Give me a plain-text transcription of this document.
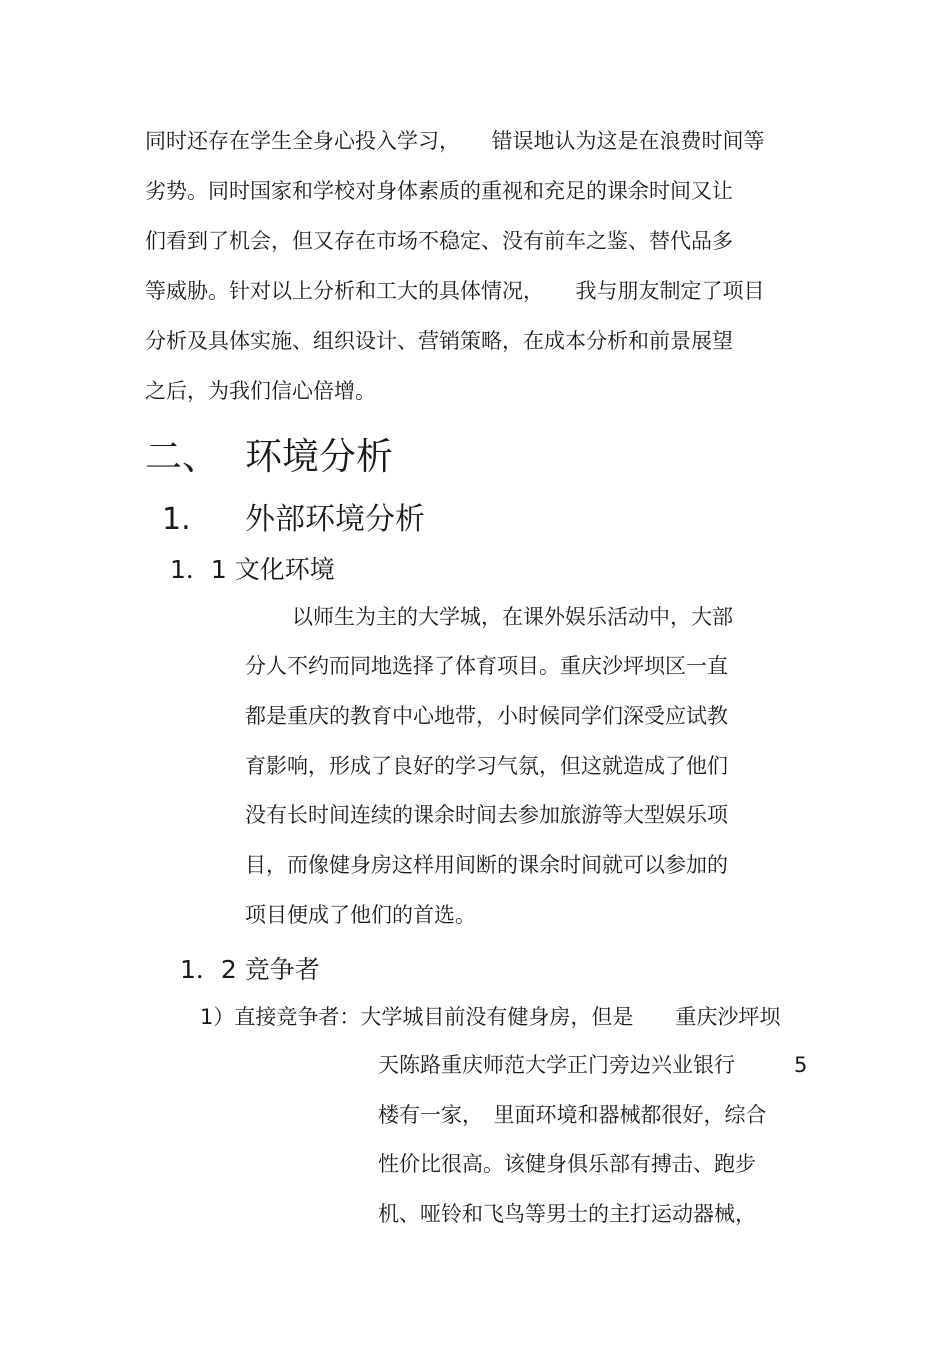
同时还存在学生全身心投入学习，　　错误地认为这是在浪费时间等
劣势。同时国家和学校对身体素质的重视和充足的课余时间又让
们看到了机会，但又存在市场不稳定、没有前车之鉴、替代品多
等威胁。针对以上分析和工大的具体情况，　　我与朋友制定了项目
分析及具体实施、组织设计、营销策略，在成本分析和前景展望
之后，为我们信心倍增。
二、 环境分析
1. 外部环境分析
1．1 文化环境
以师生为主的大学城，在课外娱乐活动中，大部
分人不约而同地选择了体育项目。重庆沙坪坝区一直
都是重庆的教育中心地带，小时候同学们深受应试教
育影响，形成了良好的学习气氛，但这就造成了他们
没有长时间连续的课余时间去参加旅游等大型娱乐项
目，而像健身房这样用间断的课余时间就可以参加的
项目便成了他们的首选。
1．2 竞争者
1）直接竞争者：大学城目前没有健身房，但是　　重庆沙坪坝
天陈路重庆师范大学正门旁边兴业银行	5
楼有一家，　里面环境和器械都很好，综合
性价比很高。该健身俱乐部有搏击、跑步
机、哑铃和飞鸟等男士的主打运动器械，
